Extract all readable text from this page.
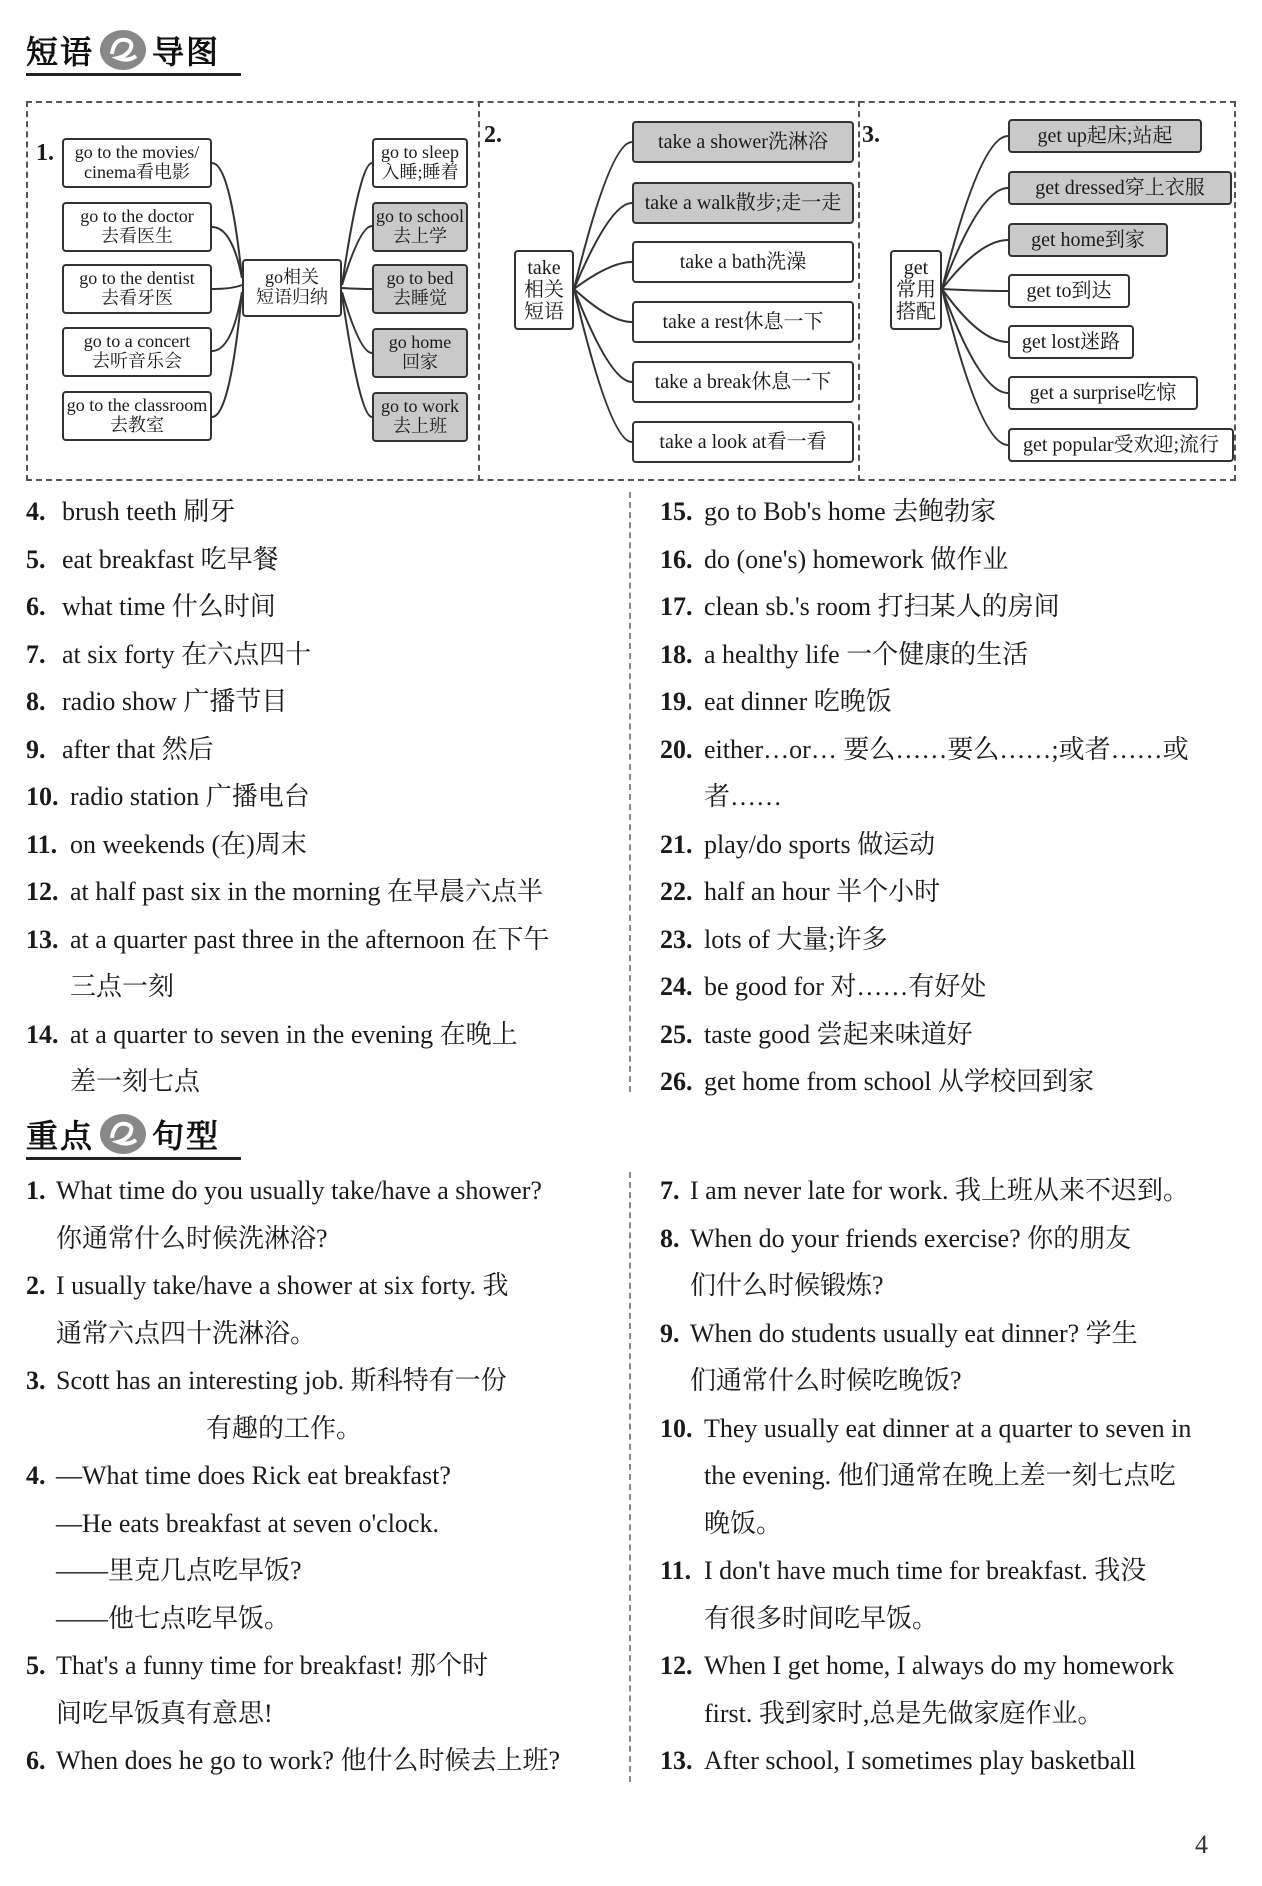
短语 导图
1.
2.	3.
go相关
短语归纳
go to the movies/
cinema看电影
go to the doctor
去看医生
go to the dentist
去看牙医
go to a concert
去听音乐会
go to the classroom
去教室
go to sleep
入睡;睡着
go to school
去上学
go to bed
去睡觉
go home
回家
go to work
去上班
take
相关
短语
take a shower洗淋浴
take a walk散步;走一走
take a bath洗澡
take a rest休息一下
take a break休息一下
take a look at看一看
get
常用
搭配
get up起床;站起
get dressed穿上衣服
get home到家
get to到达
get lost迷路
get a surprise吃惊
get popular受欢迎;流行
4. brush teeth 刷牙
5. eat breakfast 吃早餐
6. what time 什么时间
7. at six forty 在六点四十
8. radio show 广播节目
9. after that 然后
10. radio station 广播电台
11. on weekends (在)周末
12. at half past six in the morning 在早晨六点半
13. at a quarter past three in the afternoon 在下午
三点一刻
14. at a quarter to seven in the evening 在晚上
差一刻七点
15. go to Bob's home 去鲍勃家
16. do (one's) homework 做作业
17. clean sb.'s room 打扫某人的房间
18. a healthy life 一个健康的生活
19. eat dinner 吃晚饭
20. either…or… 要么……要么……;或者……或
者……
21. play/do sports 做运动
22. half an hour 半个小时
23. lots of 大量;许多
24. be good for 对……有好处
25. taste good 尝起来味道好
26. get home from school 从学校回到家
重点 句型
1. What time do you usually take/have a shower?
你通常什么时候洗淋浴?
2. I usually take/have a shower at six forty. 我
通常六点四十洗淋浴。
3. Scott has an interesting job. 斯科特有一份
有趣的工作。
4. —What time does Rick eat breakfast?
—He eats breakfast at seven o'clock.
——里克几点吃早饭?
——他七点吃早饭。
5. That's a funny time for breakfast! 那个时
间吃早饭真有意思!
6. When does he go to work? 他什么时候去上班?
7. I am never late for work. 我上班从来不迟到。
8. When do your friends exercise? 你的朋友
们什么时候锻炼?
9. When do students usually eat dinner? 学生
们通常什么时候吃晚饭?
10. They usually eat dinner at a quarter to seven in
the evening. 他们通常在晚上差一刻七点吃
晚饭。
11. I don't have much time for breakfast. 我没
有很多时间吃早饭。
12. When I get home, I always do my homework
first. 我到家时,总是先做家庭作业。
13. After school, I sometimes play basketball
4
